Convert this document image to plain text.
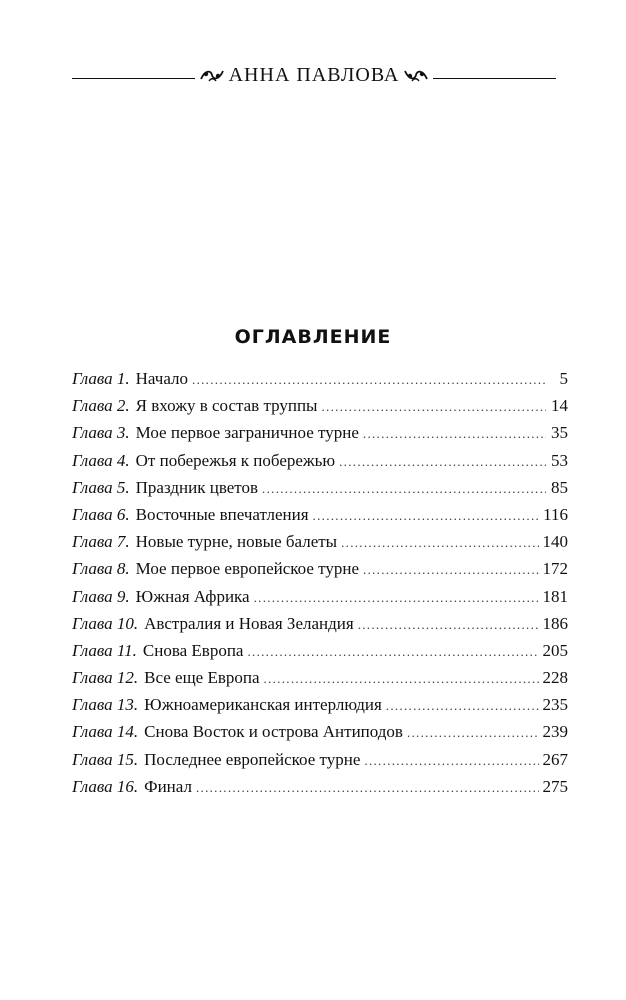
АННА ПАВЛОВА
ОГЛАВЛЕНИЕ
Глава 1. Начало .....	5
Глава 2. Я вхожу в состав труппы .....	14
Глава 3. Мое первое заграничное турне .....	35
Глава 4. От побережья к побережью .....	53
Глава 5. Праздник цветов .....	85
Глава 6. Восточные впечатления .....	116
Глава 7. Новые турне, новые балеты .....	140
Глава 8. Мое первое европейское турне .....	172
Глава 9. Южная Африка .....	181
Глава 10. Австралия и Новая Зеландия .....	186
Глава 11. Снова Европа .....	205
Глава 12. Все еще Европа .....	228
Глава 13. Южноамериканская интерлюдия .....	235
Глава 14. Снова Восток и острова Антиподов .....	239
Глава 15. Последнее европейское турне .....	267
Глава 16. Финал .....	275
